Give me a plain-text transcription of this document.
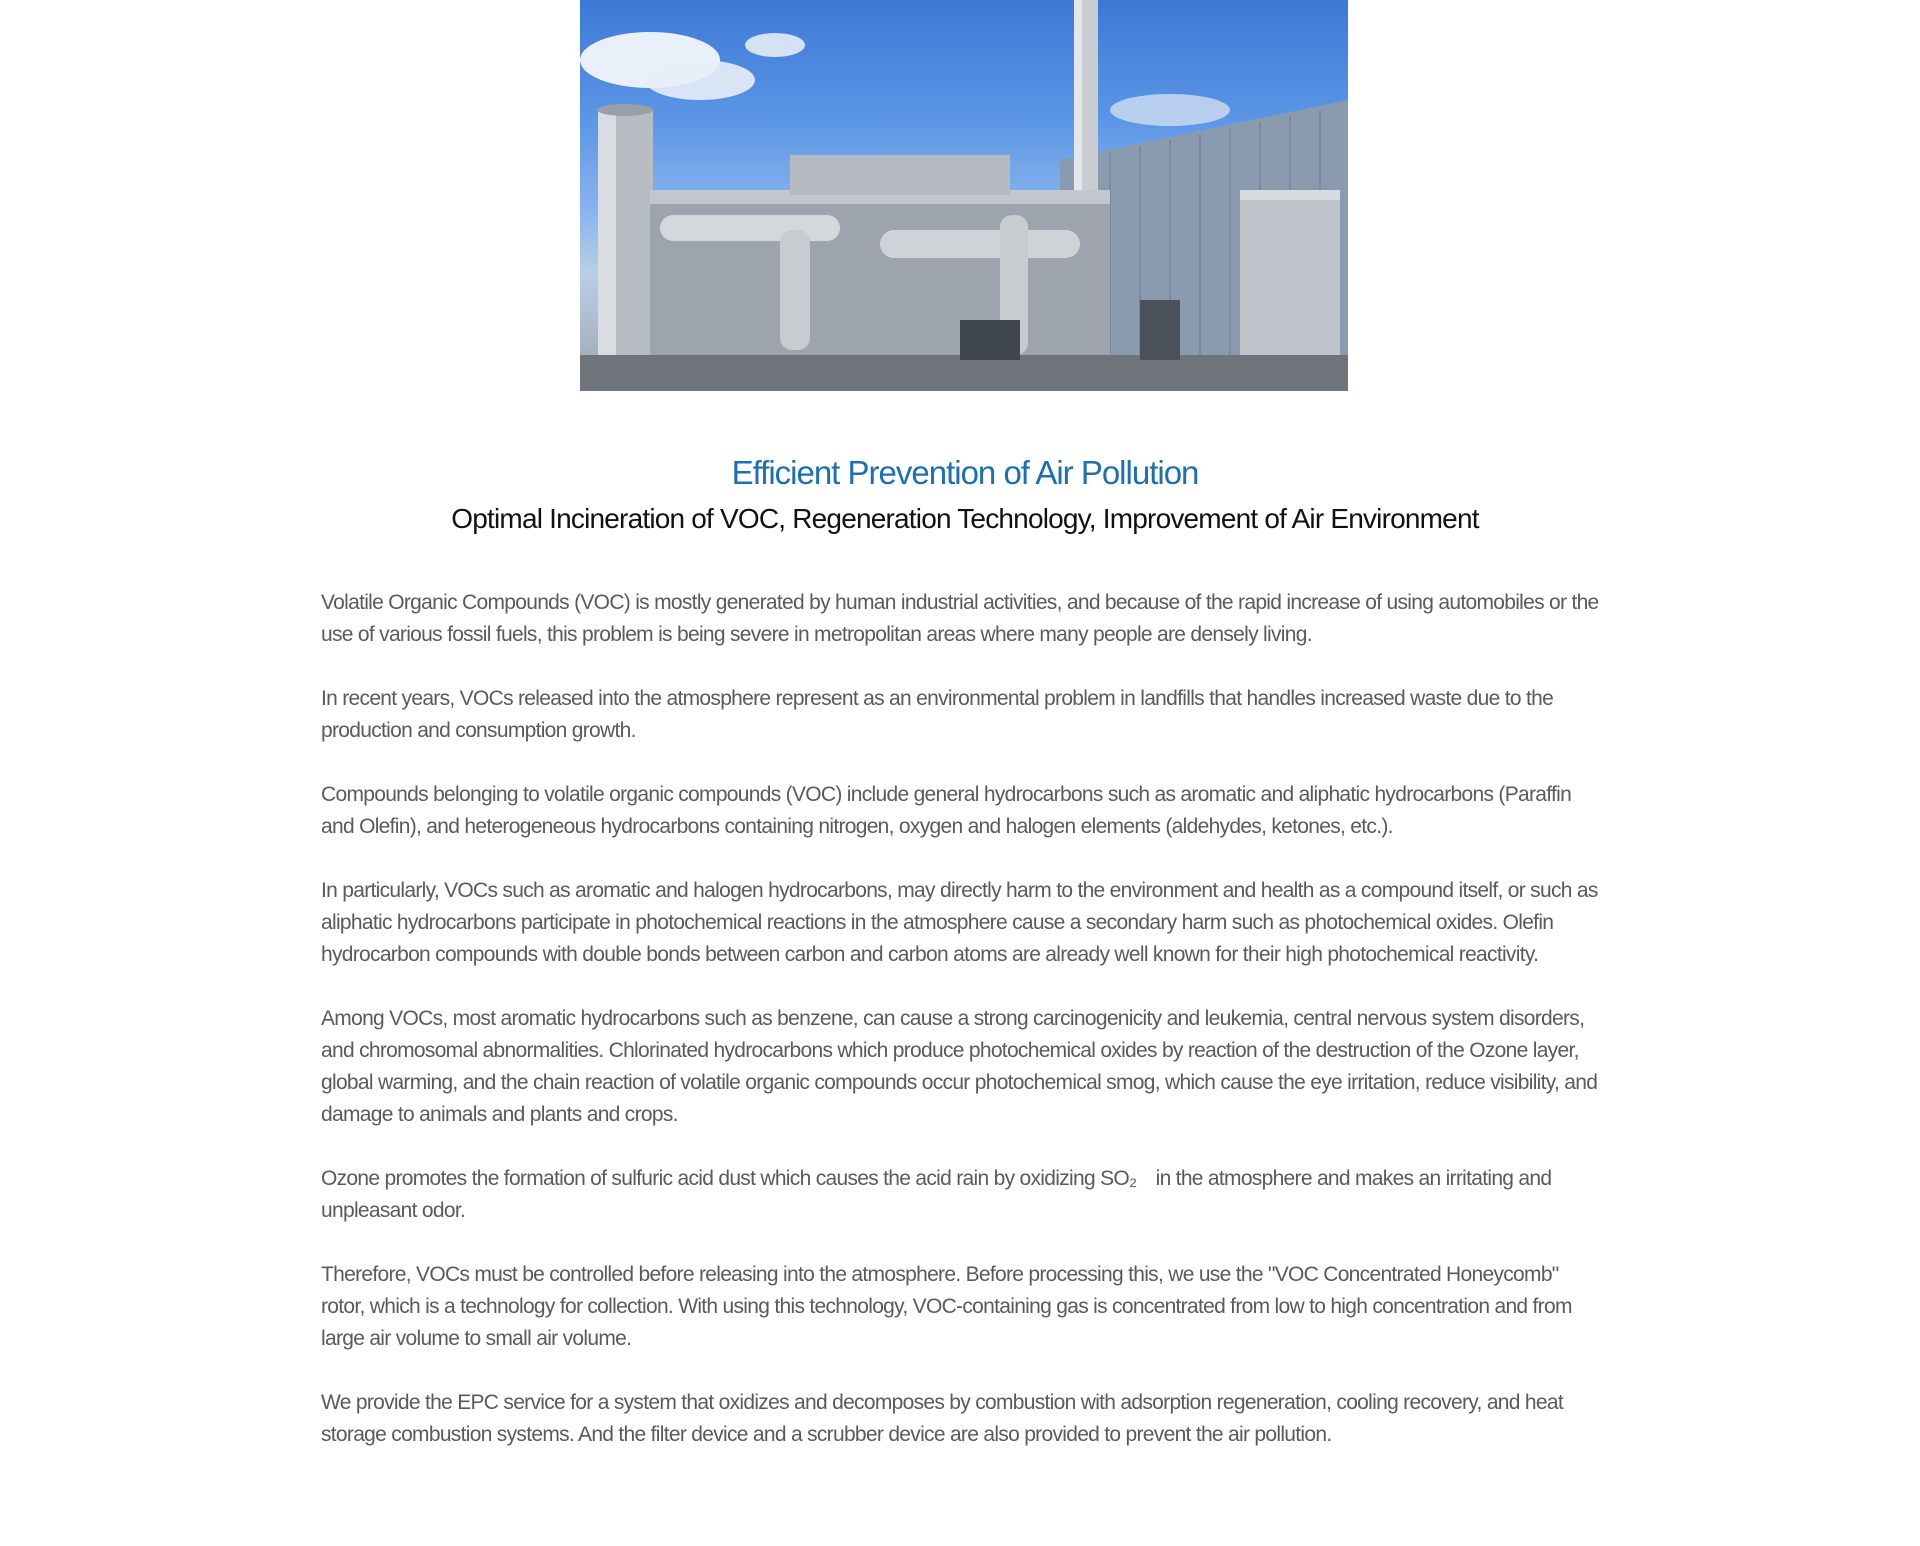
Efficient Prevention of Air Pollution

Optimal Incineration of VOC, Regeneration Technology, Improvement of Air Environment

Volatile Organic Compounds (VOC) is mostly generated by human industrial activities, and because of the rapid increase of using automobiles or the use of various fossil fuels, this problem is being severe in metropolitan areas where many people are densely living.

In recent years, VOCs released into the atmosphere represent as an environmental problem in landfills that handles increased waste due to the production and consumption growth.

Compounds belonging to volatile organic compounds (VOC) include general hydrocarbons such as aromatic and aliphatic hydrocarbons (Paraffin and Olefin), and heterogeneous hydrocarbons containing nitrogen, oxygen and halogen elements (aldehydes, ketones, etc.).

In particularly, VOCs such as aromatic and halogen hydrocarbons, may directly harm to the environment and health as a compound itself, or such as aliphatic hydrocarbons participate in photochemical reactions in the atmosphere cause a secondary harm such as photochemical oxides. Olefin hydrocarbon compounds with double bonds between carbon and carbon atoms are already well known for their high photochemical reactivity.

Among VOCs, most aromatic hydrocarbons such as benzene, can cause a strong carcinogenicity and leukemia, central nervous system disorders, and chromosomal abnormalities. Chlorinated hydrocarbons which produce photochemical oxides by reaction of the destruction of the Ozone layer, global warming, and the chain reaction of volatile organic compounds occur photochemical smog, which cause the eye irritation, reduce visibility, and damage to animals and plants and crops.

Ozone promotes the formation of sulfuric acid dust which causes the acid rain by oxidizing SO₂ in the atmosphere and makes an irritating and unpleasant odor.

Therefore, VOCs must be controlled before releasing into the atmosphere. Before processing this, we use the "VOC Concentrated Honeycomb" rotor, which is a technology for collection. With using this technology, VOC-containing gas is concentrated from low to high concentration and from large air volume to small air volume.

We provide the EPC service for a system that oxidizes and decomposes by combustion with adsorption regeneration, cooling recovery, and heat storage combustion systems. And the filter device and a scrubber device are also provided to prevent the air pollution.
